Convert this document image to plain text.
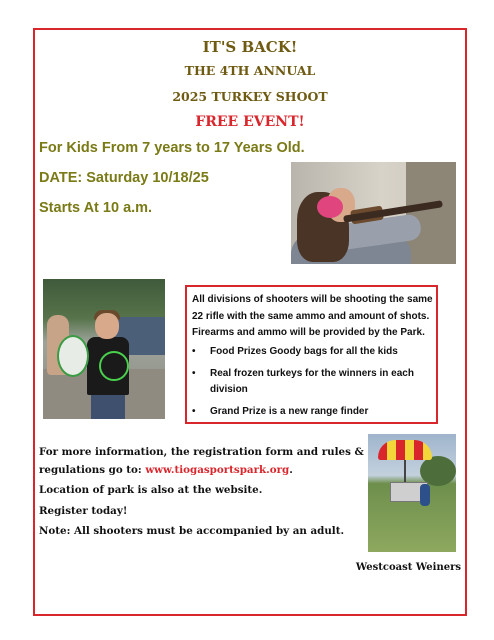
IT'S BACK!
THE 4TH ANNUAL
2025 TURKEY SHOOT
FREE EVENT!
For Kids From 7 years to 17 Years Old.
DATE: Saturday 10/18/25
Starts At 10 a.m.
All divisions of shooters will be shooting the same 22 rifle with the same ammo and amount of shots. Firearms and ammo will be provided by the Park.
• Food Prizes Goody bags for all the kids
• Real frozen turkeys for the winners in each division
• Grand Prize is a new range finder
For more information, the registration form and rules &
regulations go to: www.tiogasportspark.org.
Location of park is also at the website.
Register today!
Note: All shooters must be accompanied by an adult.
Westcoast Weiners
